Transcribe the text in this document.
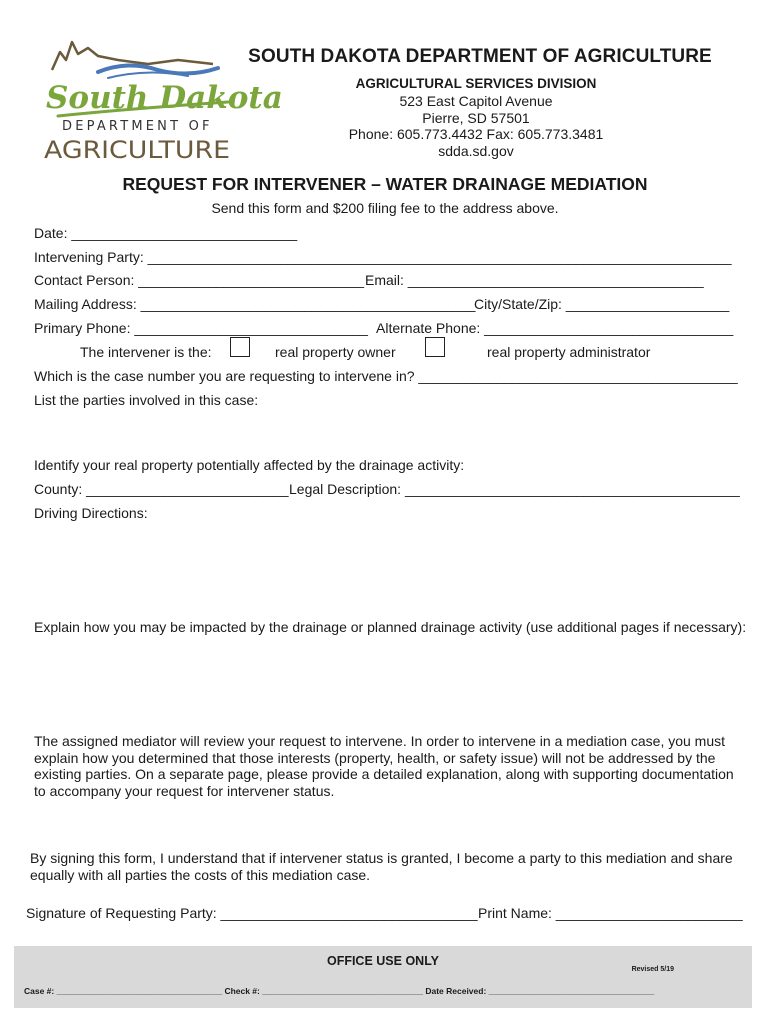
South Dakota
DEPARTMENT OF
AGRICULTURE
SOUTH DAKOTA DEPARTMENT OF AGRICULTURE
AGRICULTURAL SERVICES DIVISION
523 East Capitol Avenue
Pierre, SD 57501
Phone: 605.773.4432 Fax: 605.773.3481
sdda.sd.gov
REQUEST FOR INTERVENER – WATER DRAINAGE MEDIATION
Send this form and $200 filing fee to the address above.
Date: _____________________________
Intervening Party: ___________________________________________________________________________
Contact Person: _____________________________ Email: ______________________________________
Mailing Address: ___________________________________________
City/State/Zip: _____________________
Primary Phone: ______________________________ Alternate Phone: ________________________________
The intervener is the:	real property owner	real property administrator
Which is the case number you are requesting to intervene in? _________________________________________
List the parties involved in this case:
Identify your real property potentially affected by the drainage activity:
County: __________________________ Legal Description: ___________________________________________
Driving Directions:
Explain how you may be impacted by the drainage or planned drainage activity (use additional pages if necessary):
The assigned mediator will review your request to intervene. In order to intervene in a mediation case, you must explain how you determined that those interests (property, health, or safety issue) will not be addressed by the existing parties. On a separate page, please provide a detailed explanation, along with supporting documentation to accompany your request for intervener status.
By signing this form, I understand that if intervener status is granted, I become a party to this mediation and share equally with all parties the costs of this mediation case.
Signature of Requesting Party: _________________________________ Print Name: ________________________
OFFICE USE ONLY
Revised 5/19
Case #: ___________________________________ Check #: __________________________________ Date Received: ___________________________________
